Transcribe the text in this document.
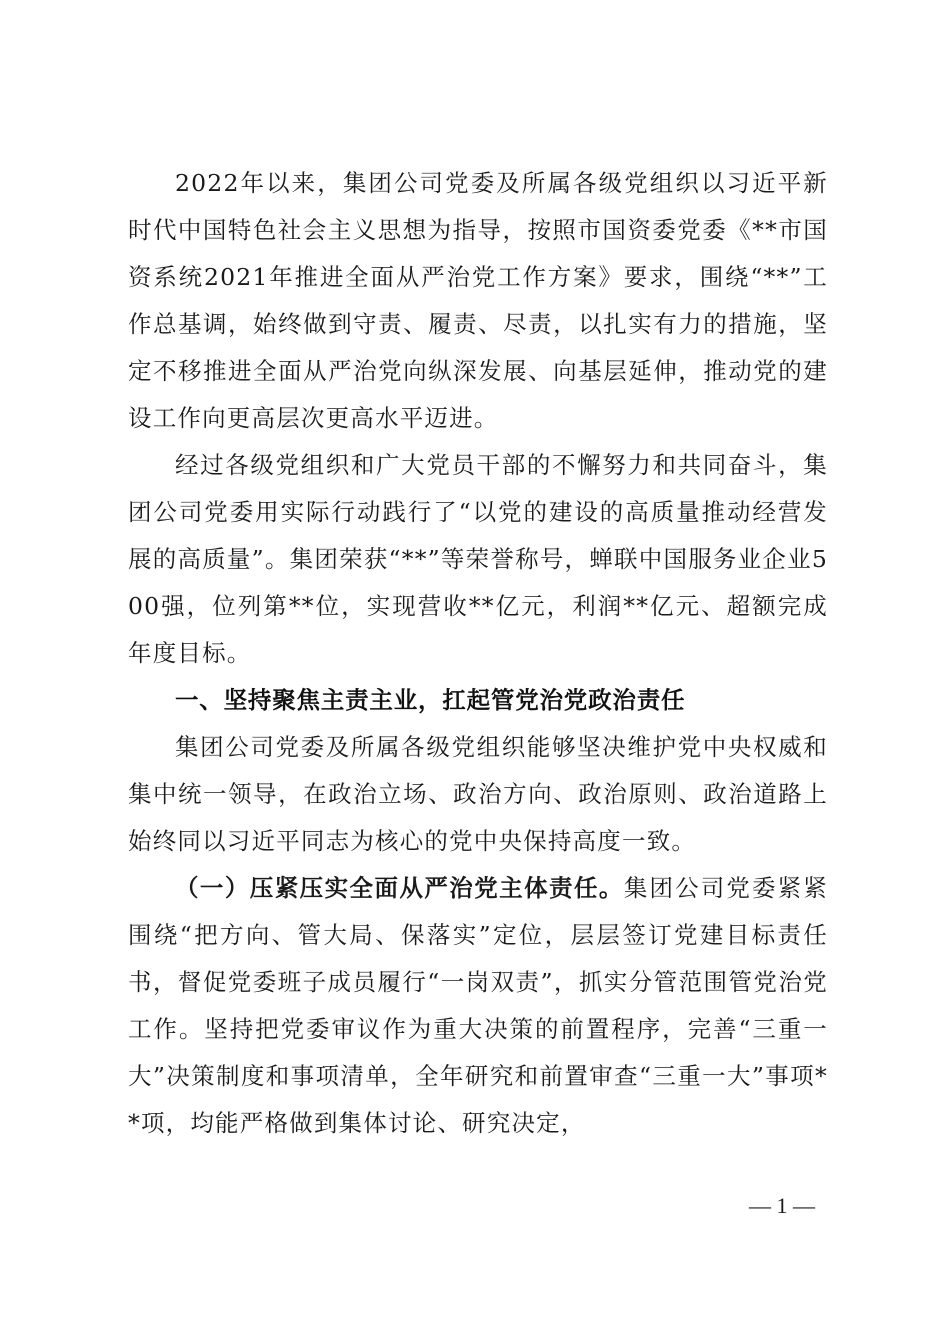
2022年以来，集团公司党委及所属各级党组织以习近平新时代中国特色社会主义思想为指导，按照市国资委党委《**市国资系统2021年推进全面从严治党工作方案》要求，围绕“**”工作总基调，始终做到守责、履责、尽责，以扎实有力的措施，坚定不移推进全面从严治党向纵深发展、向基层延伸，推动党的建设工作向更高层次更高水平迈进。

经过各级党组织和广大党员干部的不懈努力和共同奋斗，集团公司党委用实际行动践行了“以党的建设的高质量推动经营发展的高质量”。集团荣获“**”等荣誉称号，蝉联中国服务业企业500强，位列第**位，实现营收**亿元，利润**亿元、超额完成年度目标。

一、坚持聚焦主责主业，扛起管党治党政治责任

集团公司党委及所属各级党组织能够坚决维护党中央权威和集中统一领导，在政治立场、政治方向、政治原则、政治道路上始终同以习近平同志为核心的党中央保持高度一致。

（一）压紧压实全面从严治党主体责任。集团公司党委紧紧围绕“把方向、管大局、保落实”定位，层层签订党建目标责任书，督促党委班子成员履行“一岗双责”，抓实分管范围管党治党工作。坚持把党委审议作为重大决策的前置程序，完善“三重一大”决策制度和事项清单，全年研究和前置审查“三重一大”事项**项，均能严格做到集体讨论、研究决定，

— 1 —
